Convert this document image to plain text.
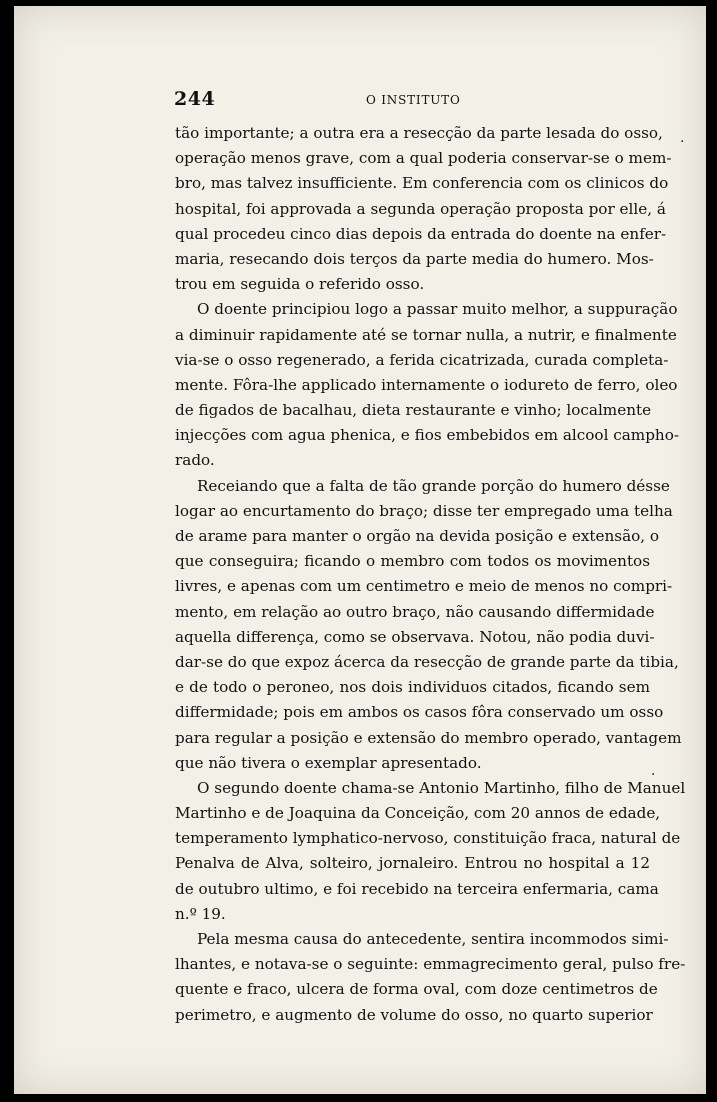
244	O INSTITUTO
tão importante; a outra era a resecção da parte lesada do osso,
operação menos grave, com a qual poderia conservar-se o mem-
bro, mas talvez insufficiente. Em conferencia com os clinicos do
hospital, foi approvada a segunda operação proposta por elle, á
qual procedeu cinco dias depois da entrada do doente na enfer-
maria, resecando dois terços da parte media do humero. Mos-
trou em seguida o referido osso.
O doente principiou logo a passar muito melhor, a suppuração
a diminuir rapidamente até se tornar nulla, a nutrir, e finalmente
via-se o osso regenerado, a ferida cicatrizada, curada completa-
mente. Fôra-lhe applicado internamente o iodureto de ferro, oleo
de figados de bacalhau, dieta restaurante e vinho; localmente
injecções com agua phenica, e fios embebidos em alcool campho-
rado.
Receiando que a falta de tão grande porção do humero désse
logar ao encurtamento do braço; disse ter empregado uma telha
de arame para manter o orgão na devida posição e extensão, o
que conseguira; ficando o membro com todos os movimentos
livres, e apenas com um centimetro e meio de menos no compri-
mento, em relação ao outro braço, não causando differmidade
aquella differença, como se observava. Notou, não podia duvi-
dar-se do que expoz ácerca da resecção de grande parte da tibia,
e de todo o peroneo, nos dois individuos citados, ficando sem
differmidade; pois em ambos os casos fôra conservado um osso
para regular a posição e extensão do membro operado, vantagem
que não tivera o exemplar apresentado.
O segundo doente chama-se Antonio Martinho, filho de Manuel
Martinho e de Joaquina da Conceição, com 20 annos de edade,
temperamento lymphatico-nervoso, constituição fraca, natural de
Penalva de Alva, solteiro, jornaleiro. Entrou no hospital a 12
de outubro ultimo, e foi recebido na terceira enfermaria, cama
n.º 19.
Pela mesma causa do antecedente, sentira incommodos simi-
lhantes, e notava-se o seguinte: emmagrecimento geral, pulso fre-
quente e fraco, ulcera de forma oval, com doze centimetros de
perimetro, e augmento de volume do osso, no quarto superior
.
·
